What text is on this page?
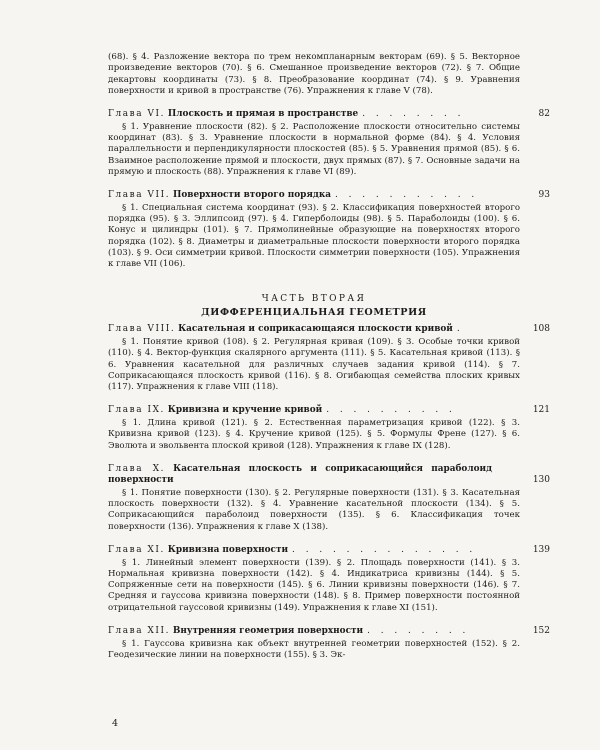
(68). § 4. Разложение вектора по трем некомпланарным векторам (69). § 5. Векторное произведение векторов (70). § 6. Смешанное произведение векторов (72). § 7. Общие декартовы координаты (73). § 8. Преобразование координат (74). § 9. Уравнения поверхности и кривой в пространстве (76). Упражнения к главе V (78).

Глава VI. Плоскость и прямая в пространстве . . . . . . . .	82
§ 1. Уравнение плоскости (82). § 2. Расположение плоскости относительно системы координат (83). § 3. Уравнение плоскости в нормальной форме (84). § 4. Условия параллельности и перпендикулярности плоскостей (85). § 5. Уравнения прямой (85). § 6. Взаимное расположение прямой и плоскости, двух прямых (87). § 7. Основные задачи на прямую и плоскость (88). Упражнения к главе VI (89).
Глава VII. Поверхности второго порядка . . . . . . . . . . .	93
§ 1. Специальная система координат (93). § 2. Классификация поверхностей второго порядка (95). § 3. Эллипсоид (97). § 4. Гиперболоиды (98). § 5. Параболоиды (100). § 6. Конус и цилиндры (101). § 7. Прямолинейные образующие на поверхностях второго порядка (102). § 8. Диаметры и диаметральные плоскости поверхности второго порядка (103). § 9. Оси симметрии кривой. Плоскости симметрии поверхности (105). Упражнения к главе VII (106).
ЧАСТЬ ВТОРАЯ
ДИФФЕРЕНЦИАЛЬНАЯ ГЕОМЕТРИЯ
Глава VIII. Касательная и соприкасающаяся плоскости кривой .	108
§ 1. Понятие кривой (108). § 2. Регулярная кривая (109). § 3. Особые точки кривой (110). § 4. Вектор-функция скалярного аргумента (111). § 5. Касательная кривой (113). § 6. Уравнения касательной для различных случаев задания кривой (114). § 7. Соприкасающаяся плоскость кривой (116). § 8. Огибающая семейства плоских кривых (117). Упражнения к главе VIII (118).
Глава IX. Кривизна и кручение кривой . . . . . . . . . .	121
§ 1. Длина кривой (121). § 2. Естественная параметризация кривой (122). § 3. Кривизна кривой (123). § 4. Кручение кривой (125). § 5. Формулы Френе (127). § 6. Эволюта и эвольвента плоской кривой (128). Упражнения к главе IX (128).
Глава X. Касательная плоскость и соприкасающийся параболоид поверхности	130
§ 1. Понятие поверхности (130). § 2. Регулярные поверхности (131). § 3. Касательная плоскость поверхности (132). § 4. Уравнение касательной плоскости (134). § 5. Соприкасающийся параболоид поверхности (135). § 6. Классификация точек поверхности (136). Упражнения к главе X (138).
Глава XI. Кривизна поверхности . . . . . . . . . . . . . .	139
§ 1. Линейный элемент поверхности (139). § 2. Площадь поверхности (141). § 3. Нормальная кривизна поверхности (142). § 4. Индикатриса кривизны (144). § 5. Сопряженные сети на поверхности (145). § 6. Линии кривизны поверхности (146). § 7. Средняя и гауссова кривизна поверхности (148). § 8. Пример поверхности постоянной отрицательной гауссовой кривизны (149). Упражнения к главе XI (151).
Глава XII. Внутренняя геометрия поверхности . . . . . . . .	152
§ 1. Гауссова кривизна как объект внутренней геометрии поверхностей (152). § 2. Геодезические линии на поверхности (155). § 3. Эк-
4
